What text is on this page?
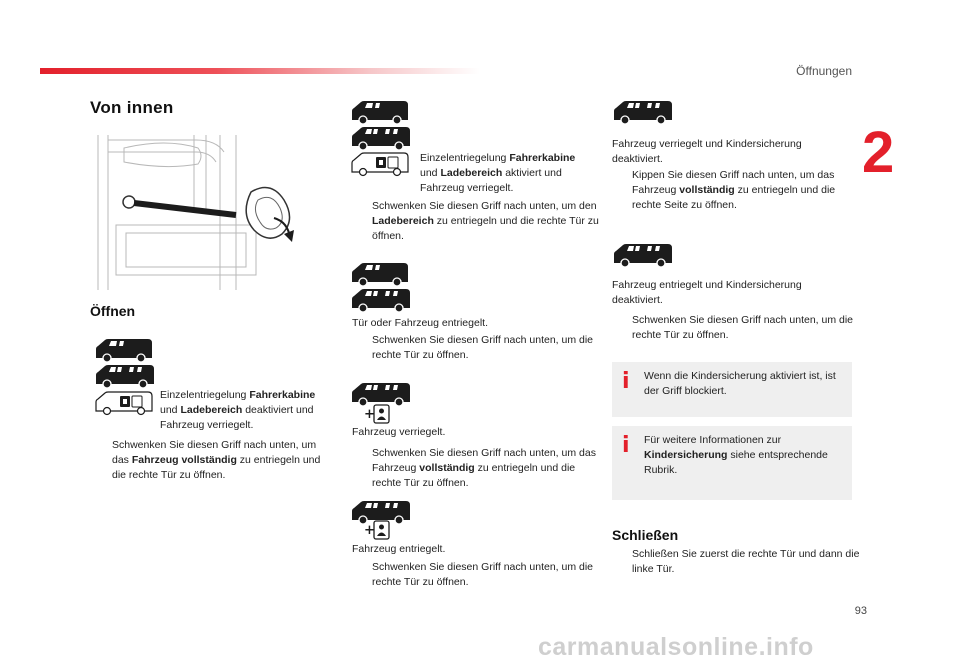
Öffnungen
2
93
carmanualsonline.info
Von innen
Öffnen
Einzelentriegelung Fahrerkabine und Ladebereich deaktiviert und Fahrzeug verriegelt.
Schwenken Sie diesen Griff nach unten, um das Fahrzeug vollständig zu entriegeln und die rechte Tür zu öffnen.
Einzelentriegelung Fahrerkabine und Ladebereich aktiviert und Fahrzeug verriegelt.
Schwenken Sie diesen Griff nach unten, um den Ladebereich zu entriegeln und die rechte Tür zu öffnen.
Tür oder Fahrzeug entriegelt.
Schwenken Sie diesen Griff nach unten, um die rechte Tür zu öffnen.
Fahrzeug verriegelt.
Schwenken Sie diesen Griff nach unten, um das Fahrzeug vollständig zu entriegeln und die rechte Tür zu öffnen.
Fahrzeug entriegelt.
Schwenken Sie diesen Griff nach unten, um die rechte Tür zu öffnen.
Fahrzeug verriegelt und Kindersicherung deaktiviert.
Kippen Sie diesen Griff nach unten, um das Fahrzeug vollständig zu entriegeln und die rechte Seite zu öffnen.
Fahrzeug entriegelt und Kindersicherung deaktiviert.
Schwenken Sie diesen Griff nach unten, um die rechte Tür zu öffnen.
i Wenn die Kindersicherung aktiviert ist, ist der Griff blockiert.
i Für weitere Informationen zur Kindersicherung siehe entsprechende Rubrik.
Schließen
Schließen Sie zuerst die rechte Tür und dann die linke Tür.
